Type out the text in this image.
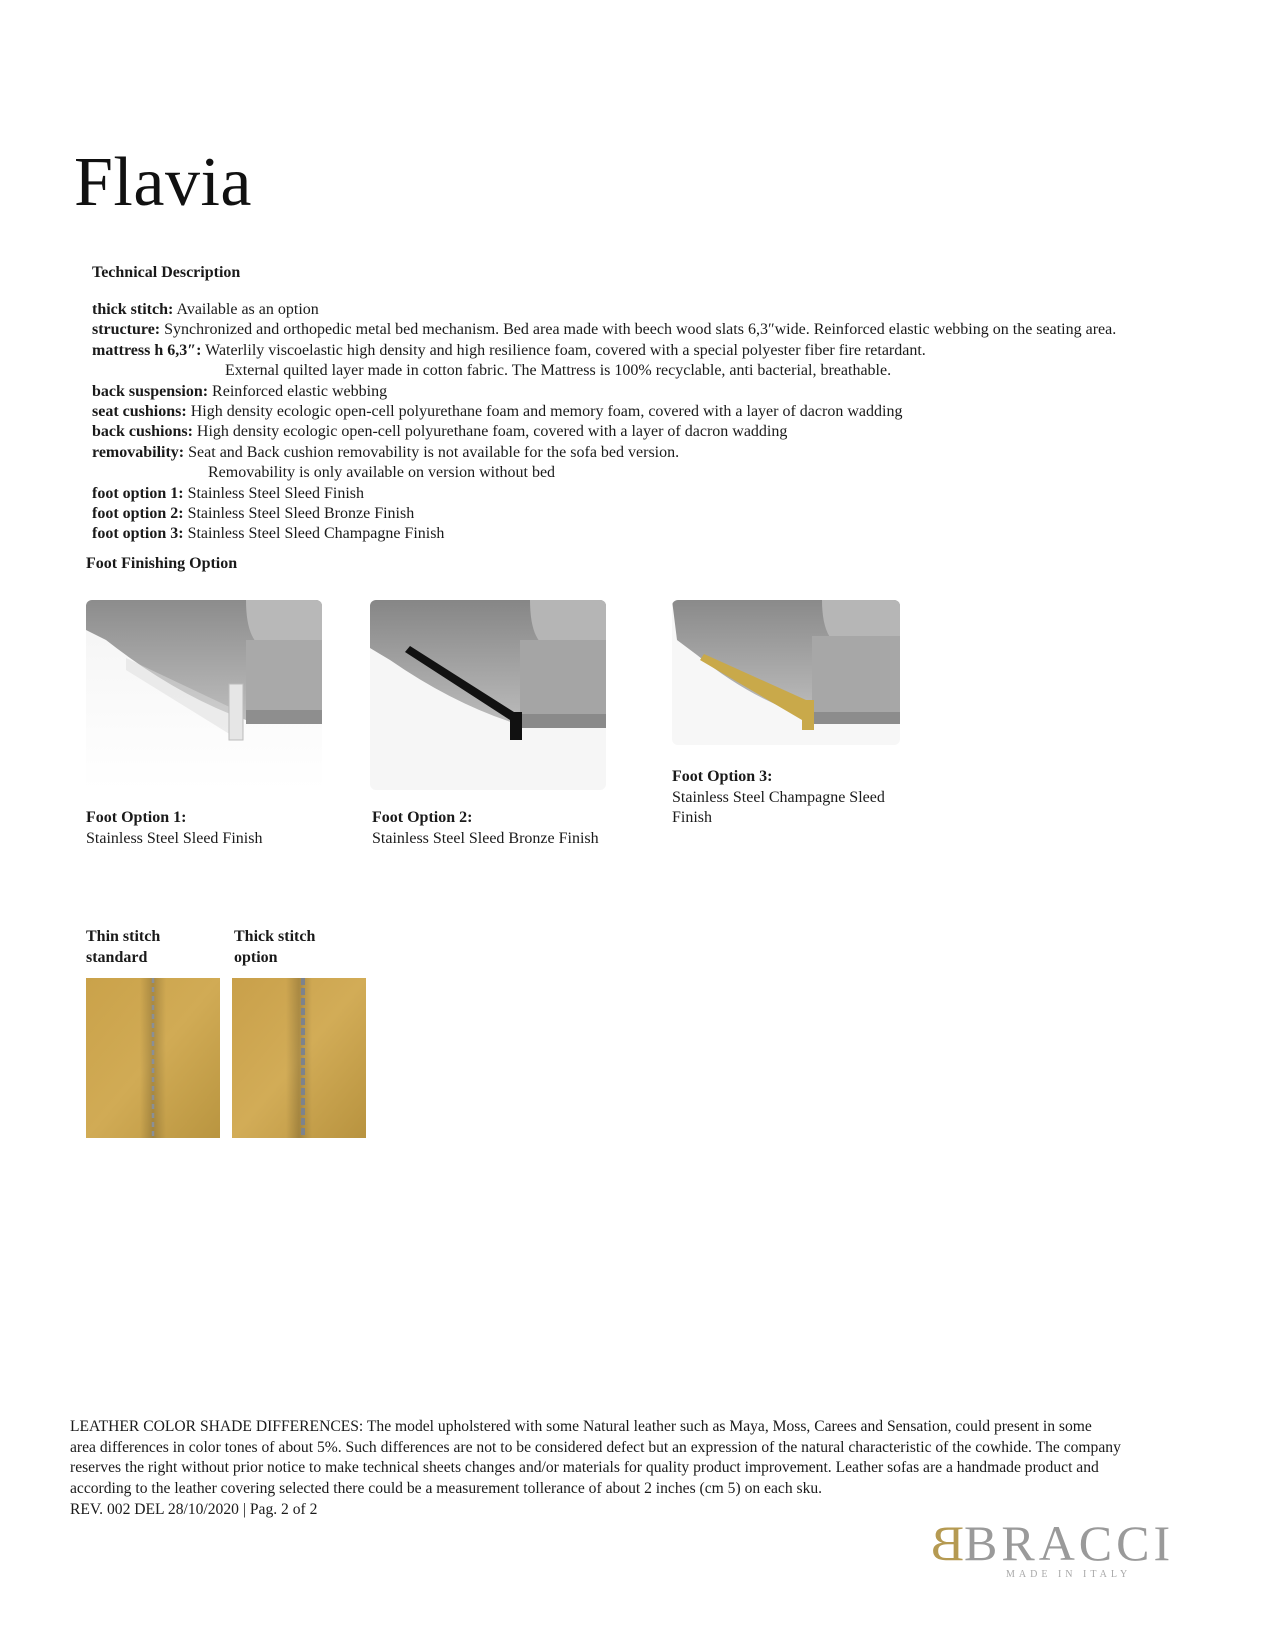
Flavia
Technical Description
thick stitch: Available as an option
structure: Synchronized and orthopedic metal bed mechanism. Bed area made with beech wood slats 6,3″wide. Reinforced elastic webbing on the seating area.
mattress h 6,3″: Waterlily viscoelastic high density and high resilience foam, covered with a special polyester fiber fire retardant.
External quilted layer made in cotton fabric. The Mattress is 100% recyclable, anti bacterial, breathable.
back suspension: Reinforced elastic webbing
seat cushions: High density ecologic open-cell polyurethane foam and memory foam, covered with a layer of dacron wadding
back cushions: High density ecologic open-cell polyurethane foam, covered with a layer of dacron wadding
removability: Seat and Back cushion removability is not available for the sofa bed version.
Removability is only available on version without bed
foot option 1: Stainless Steel Sleed Finish
foot option 2: Stainless Steel Sleed Bronze Finish
foot option 3: Stainless Steel Sleed Champagne Finish
Foot Finishing Option
Foot Option 1:
Stainless Steel Sleed Finish
Foot Option 2:
Stainless Steel Sleed Bronze Finish
Foot Option 3:
Stainless Steel Champagne Sleed
Finish
Thin stitch
standard
Thick stitch
option
LEATHER COLOR SHADE DIFFERENCES: The model upholstered with some Natural leather such as Maya, Moss, Carees and Sensation, could present in some
area differences in color tones of about 5%. Such differences are not to be considered defect but an expression of the natural characteristic of the cowhide. The company
reserves the right without prior notice to make technical sheets changes and/or materials for quality product improvement. Leather sofas are a handmade product and
according to the leather covering selected there could be a measurement tollerance of about 2 inches (cm 5) on each sku.
REV. 002 DEL 28/10/2020 | Pag. 2 of 2
B BRACCI
MADE IN ITALY
